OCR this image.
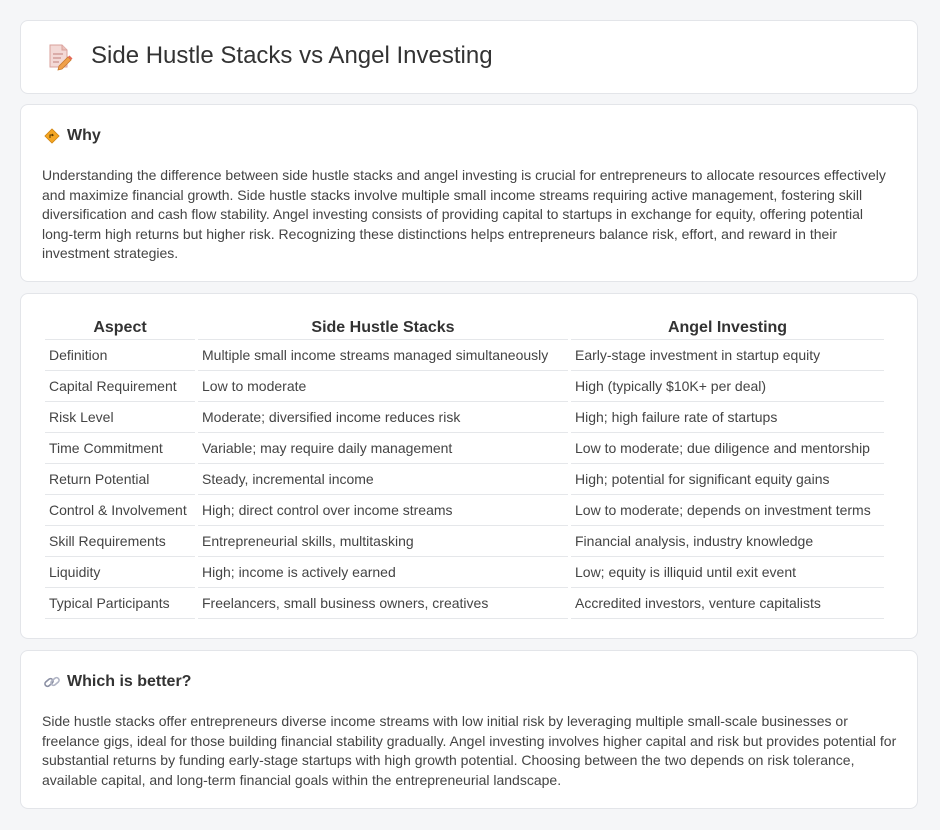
Side Hustle Stacks vs Angel Investing
Why
Understanding the difference between side hustle stacks and angel investing is crucial for entrepreneurs to allocate resources effectively and maximize financial growth. Side hustle stacks involve multiple small income streams requiring active management, fostering skill diversification and cash flow stability. Angel investing consists of providing capital to startups in exchange for equity, offering potential long-term high returns but higher risk. Recognizing these distinctions helps entrepreneurs balance risk, effort, and reward in their investment strategies.
Aspect	Side Hustle Stacks	Angel Investing
Definition	Multiple small income streams managed simultaneously	Early-stage investment in startup equity
Capital Requirement	Low to moderate	High (typically $10K+ per deal)
Risk Level	Moderate; diversified income reduces risk	High; high failure rate of startups
Time Commitment	Variable; may require daily management	Low to moderate; due diligence and mentorship
Return Potential	Steady, incremental income	High; potential for significant equity gains
Control & Involvement	High; direct control over income streams	Low to moderate; depends on investment terms
Skill Requirements	Entrepreneurial skills, multitasking	Financial analysis, industry knowledge
Liquidity	High; income is actively earned	Low; equity is illiquid until exit event
Typical Participants	Freelancers, small business owners, creatives	Accredited investors, venture capitalists
Which is better?
Side hustle stacks offer entrepreneurs diverse income streams with low initial risk by leveraging multiple small-scale businesses or freelance gigs, ideal for those building financial stability gradually. Angel investing involves higher capital and risk but provides potential for substantial returns by funding early-stage startups with high growth potential. Choosing between the two depends on risk tolerance, available capital, and long-term financial goals within the entrepreneurial landscape.
